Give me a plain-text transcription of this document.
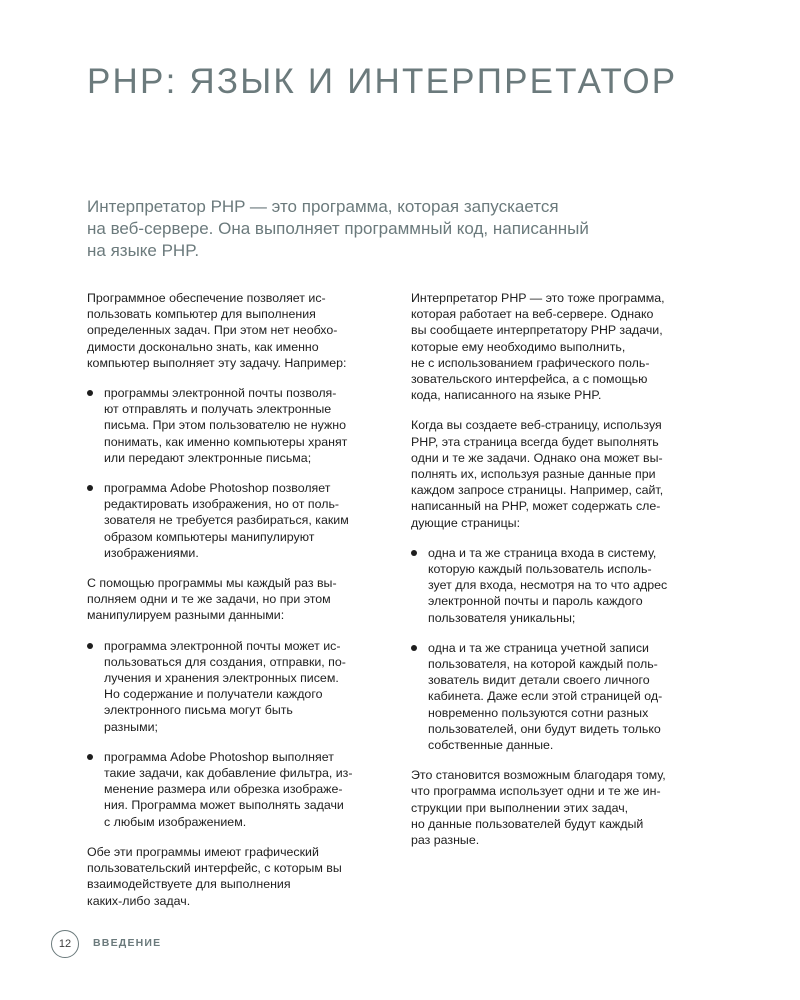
PHP: ЯЗЫК И ИНТЕРПРЕТАТОР
Интерпретатор PHP — это программа, которая запускается
на веб-сервере. Она выполняет программный код, написанный
на языке PHP.

Программное обеспечение позволяет ис-
пользовать компьютер для выполнения
определенных задач. При этом нет необхо-
димости досконально знать, как именно
компьютер выполняет эту задачу. Например:

программы электронной почты позволя-
ют отправлять и получать электронные
письма. При этом пользователю не нужно
понимать, как именно компьютеры хранят
или передают электронные письма;
программа Adobe Photoshop позволяет
редактировать изображения, но от поль-
зователя не требуется разбираться, каким
образом компьютеры манипулируют
изображениями.

С помощью программы мы каждый раз вы-
полняем одни и те же задачи, но при этом
манипулируем разными данными:

программа электронной почты может ис-
пользоваться для создания, отправки, по-
лучения и хранения электронных писем.
Но содержание и получатели каждого
электронного письма могут быть
разными;
программа Adobe Photoshop выполняет
такие задачи, как добавление фильтра, из-
менение размера или обрезка изображе-
ния. Программа может выполнять задачи
с любым изображением.

Обе эти программы имеют графический
пользовательский интерфейс, с которым вы
взаимодействуете для выполнения
каких-либо задач.

Интерпретатор PHP — это тоже программа,
которая работает на веб-сервере. Однако
вы сообщаете интерпретатору PHP задачи,
которые ему необходимо выполнить,
не с использованием графического поль-
зовательского интерфейса, а с помощью
кода, написанного на языке PHP.

Когда вы создаете веб-страницу, используя
PHP, эта страница всегда будет выполнять
одни и те же задачи. Однако она может вы-
полнять их, используя разные данные при
каждом запросе страницы. Например, сайт,
написанный на PHP, может содержать сле-
дующие страницы:

одна и та же страница входа в систему,
которую каждый пользователь исполь-
зует для входа, несмотря на то что адрес
электронной почты и пароль каждого
пользователя уникальны;
одна и та же страница учетной записи
пользователя, на которой каждый поль-
зователь видит детали своего личного
кабинета. Даже если этой страницей од-
новременно пользуются сотни разных
пользователей, они будут видеть только
собственные данные.

Это становится возможным благодаря тому,
что программа использует одни и те же ин-
струкции при выполнении этих задач,
но данные пользователей будут каждый
раз разные.

12	ВВЕДЕНИЕ
